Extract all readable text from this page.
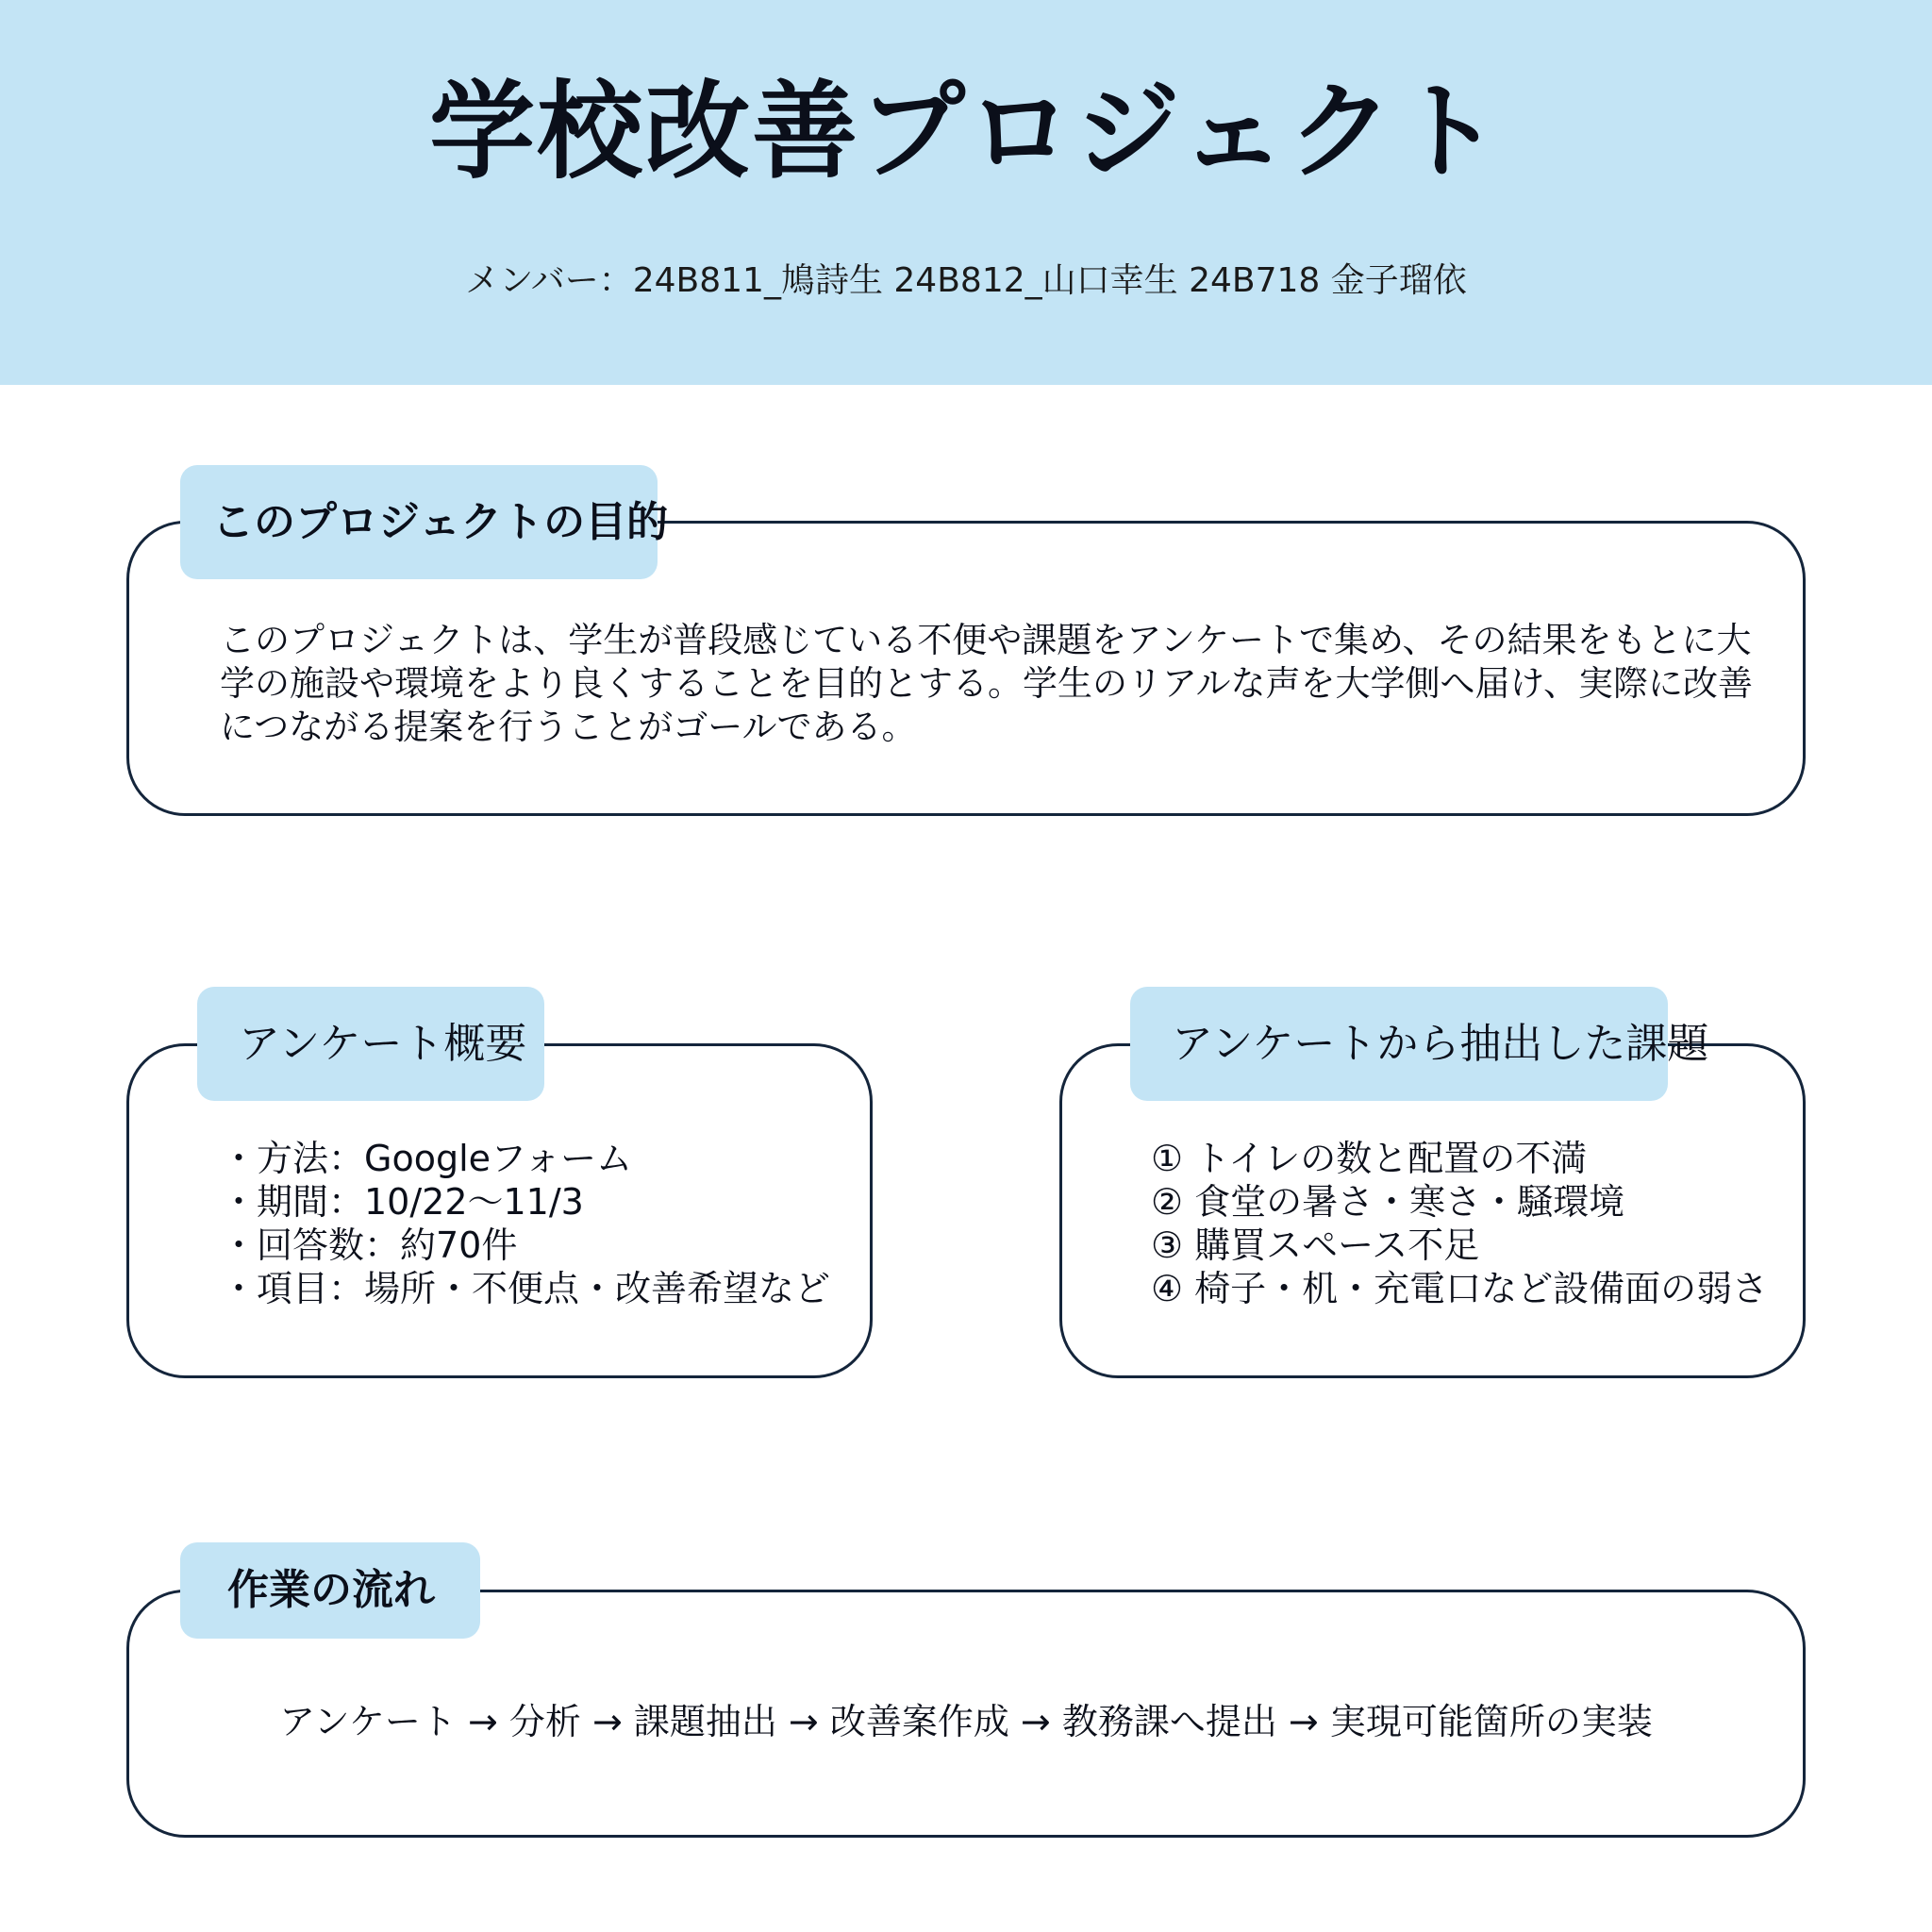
学校改善プロジェクト
メンバー：24B811_鳩詩生 24B812_山口幸生 24B718 金子瑠依
このプロジェクトの目的
このプロジェクトは、学生が普段感じている不便や課題をアンケートで集め、その結果をもとに大学の施設や環境をより良くすることを目的とする。学生のリアルな声を大学側へ届け、実際に改善につながる提案を行うことがゴールである。
アンケート概要
・方法：Googleフォーム
・期間：10/22〜11/3
・回答数：約70件
・項目：場所・不便点・改善希望など
アンケートから抽出した課題
① トイレの数と配置の不満
② 食堂の暑さ・寒さ・騒環境
③ 購買スペース不足
④ 椅子・机・充電口など設備面の弱さ
作業の流れ
アンケート → 分析 → 課題抽出 → 改善案作成 → 教務課へ提出 → 実現可能箇所の実装
